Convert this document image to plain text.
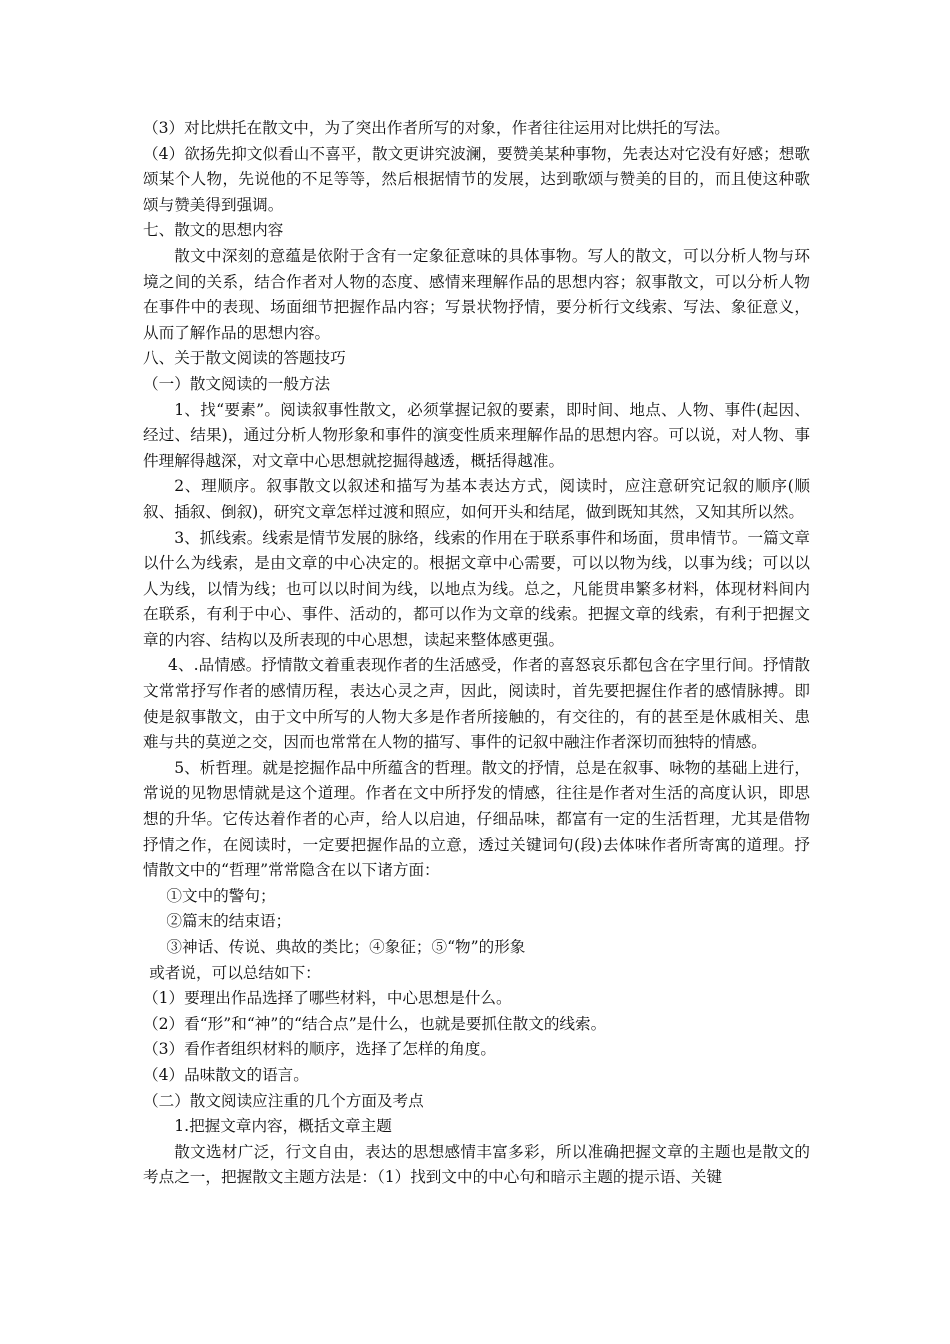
（3）对比烘托在散文中，为了突出作者所写的对象，作者往往运用对比烘托的写法。

（4）欲扬先抑文似看山不喜平，散文更讲究波澜，要赞美某种事物，先表达对它没有好感；想歌颂某个人物，先说他的不足等等，然后根据情节的发展，达到歌颂与赞美的目的，而且使这种歌颂与赞美得到强调。

七、散文的思想内容

散文中深刻的意蕴是依附于含有一定象征意味的具体事物。写人的散文，可以分析人物与环境之间的关系，结合作者对人物的态度、感情来理解作品的思想内容；叙事散文，可以分析人物在事件中的表现、场面细节把握作品内容；写景状物抒情，要分析行文线索、写法、象征意义，从而了解作品的思想内容。

八、关于散文阅读的答题技巧

（一）散文阅读的一般方法

1、找“要素”。阅读叙事性散文，必须掌握记叙的要素，即时间、地点、人物、事件(起因、经过、结果)，通过分析人物形象和事件的演变性质来理解作品的思想内容。可以说，对人物、事件理解得越深，对文章中心思想就挖掘得越透，概括得越准。

2、理顺序。叙事散文以叙述和描写为基本表达方式，阅读时，应注意研究记叙的顺序(顺叙、插叙、倒叙)，研究文章怎样过渡和照应，如何开头和结尾，做到既知其然，又知其所以然。

3、抓线索。线索是情节发展的脉络，线索的作用在于联系事件和场面，贯串情节。一篇文章以什么为线索，是由文章的中心决定的。根据文章中心需要，可以以物为线，以事为线；可以以人为线，以情为线；也可以以时间为线，以地点为线。总之，凡能贯串繁多材料，体现材料间内在联系，有利于中心、事件、活动的，都可以作为文章的线索。把握文章的线索，有利于把握文章的内容、结构以及所表现的中心思想，读起来整体感更强。

4、.品情感。抒情散文着重表现作者的生活感受，作者的喜怒哀乐都包含在字里行间。抒情散文常常抒写作者的感情历程，表达心灵之声，因此，阅读时，首先要把握住作者的感情脉搏。即使是叙事散文，由于文中所写的人物大多是作者所接触的，有交往的，有的甚至是休戚相关、患难与共的莫逆之交，因而也常常在人物的描写、事件的记叙中融注作者深切而独特的情感。

5、析哲理。就是挖掘作品中所蕴含的哲理。散文的抒情，总是在叙事、咏物的基础上进行，常说的见物思情就是这个道理。作者在文中所抒发的情感，往往是作者对生活的高度认识，即思想的升华。它传达着作者的心声，给人以启迪，仔细品味，都富有一定的生活哲理，尤其是借物抒情之作，在阅读时，一定要把握作品的立意，透过关键词句(段)去体味作者所寄寓的道理。抒情散文中的“哲理”常常隐含在以下诸方面：

①文中的警句；

②篇末的结束语；

③神话、传说、典故的类比；④象征；⑤“物”的形象

或者说，可以总结如下：

（1）要理出作品选择了哪些材料，中心思想是什么。

（2）看“形”和“神”的“结合点”是什么，也就是要抓住散文的线索。

（3）看作者组织材料的顺序，选择了怎样的角度。

（4）品味散文的语言。

（二）散文阅读应注重的几个方面及考点

1.把握文章内容，概括文章主题

散文选材广泛，行文自由，表达的思想感情丰富多彩，所以准确把握文章的主题也是散文的考点之一，把握散文主题方法是：（1）找到文中的中心句和暗示主题的提示语、关键
